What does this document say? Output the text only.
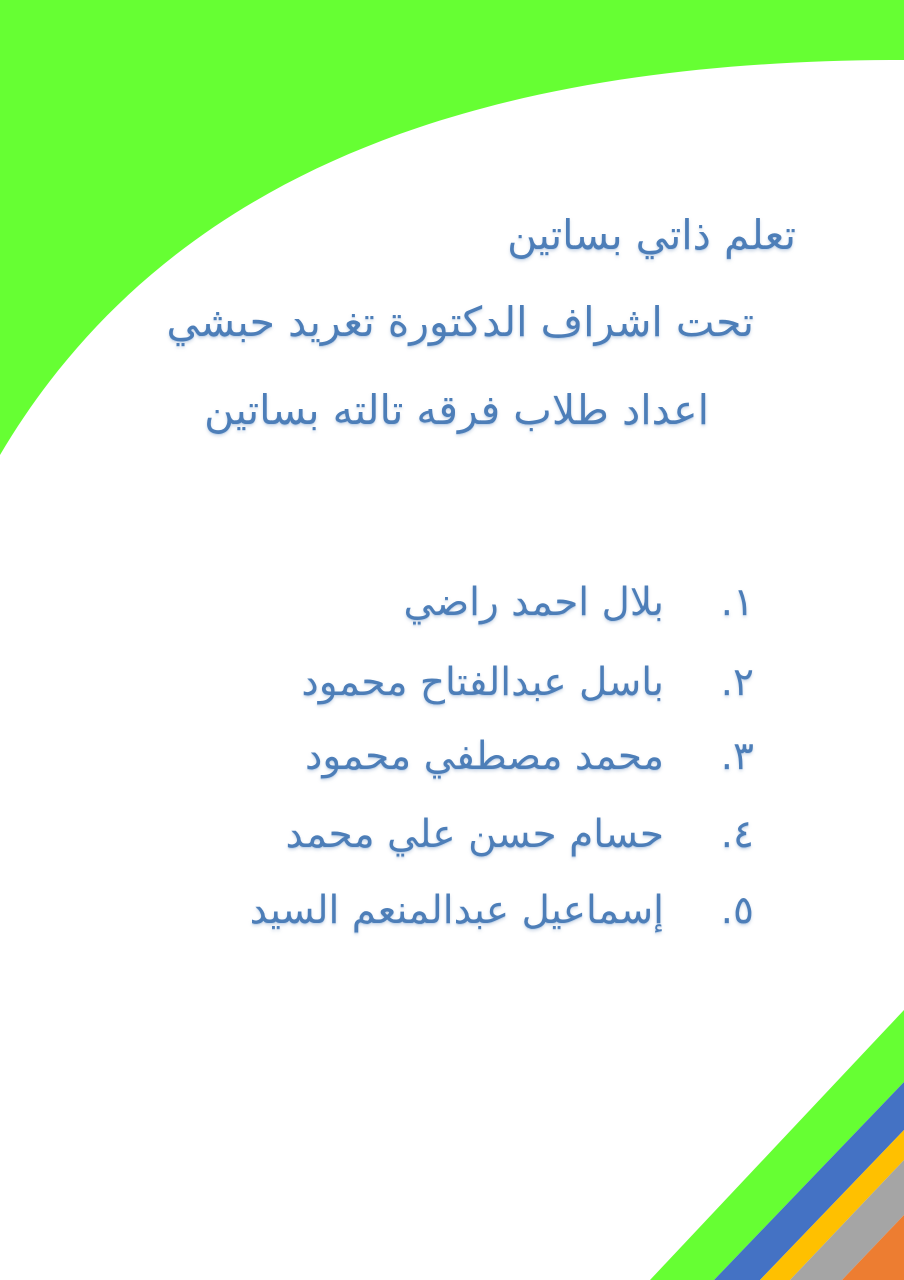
تعلم ذاتي بساتين
تحت اشراف الدكتورة تغريد حبشي
اعداد طلاب فرقه تالته بساتين
١.
بلال احمد راضي
٢.
باسل عبدالفتاح محمود
٣.
محمد مصطفي محمود
٤.
حسام حسن علي محمد
٥.
إسماعيل عبدالمنعم السيد
